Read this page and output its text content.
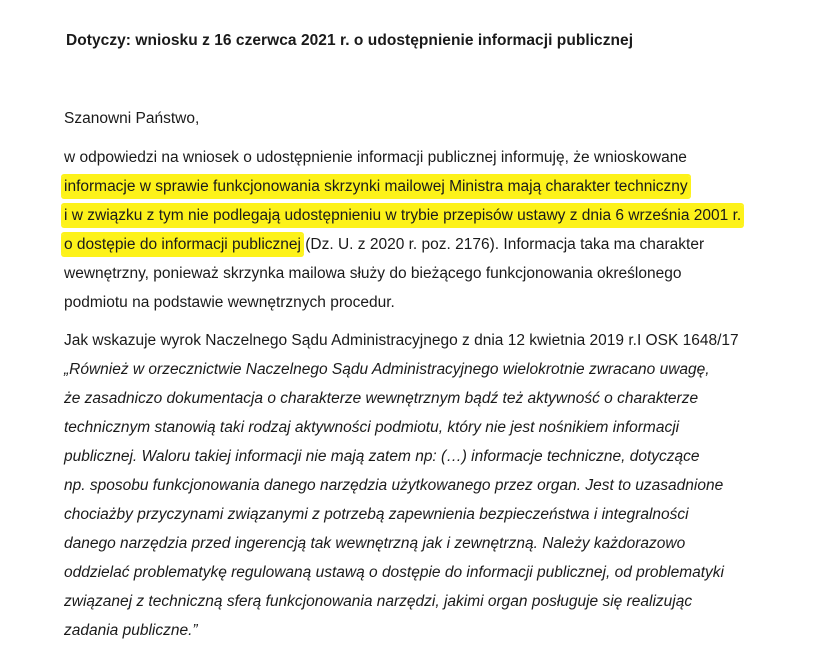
Dotyczy: wniosku z 16 czerwca 2021 r. o udostępnienie informacji publicznej
Szanowni Państwo,
w odpowiedzi na wniosek o udostępnienie informacji publicznej informuję, że wnioskowane
informacje w sprawie funkcjonowania skrzynki mailowej Ministra mają charakter techniczny
i w związku z tym nie podlegają udostępnieniu w trybie przepisów ustawy z dnia 6 września 2001 r.
o dostępie do informacji publicznej (Dz. U. z 2020 r. poz. 2176). Informacja taka ma charakter
wewnętrzny, ponieważ skrzynka mailowa służy do bieżącego funkcjonowania określonego
podmiotu na podstawie wewnętrznych procedur.
Jak wskazuje wyrok Naczelnego Sądu Administracyjnego z dnia 12 kwietnia 2019 r.I OSK 1648/17
„Również w orzecznictwie Naczelnego Sądu Administracyjnego wielokrotnie zwracano uwagę,
że zasadniczo dokumentacja o charakterze wewnętrznym bądź też aktywność o charakterze
technicznym stanowią taki rodzaj aktywności podmiotu, który nie jest nośnikiem informacji
publicznej. Waloru takiej informacji nie mają zatem np: (…) informacje techniczne, dotyczące
np. sposobu funkcjonowania danego narzędzia użytkowanego przez organ. Jest to uzasadnione
chociażby przyczynami związanymi z potrzebą zapewnienia bezpieczeństwa i integralności
danego narzędzia przed ingerencją tak wewnętrzną jak i zewnętrzną. Należy każdorazowo
oddzielać problematykę regulowaną ustawą o dostępie do informacji publicznej, od problematyki
związanej z techniczną sferą funkcjonowania narzędzi, jakimi organ posługuje się realizując
zadania publiczne.”
